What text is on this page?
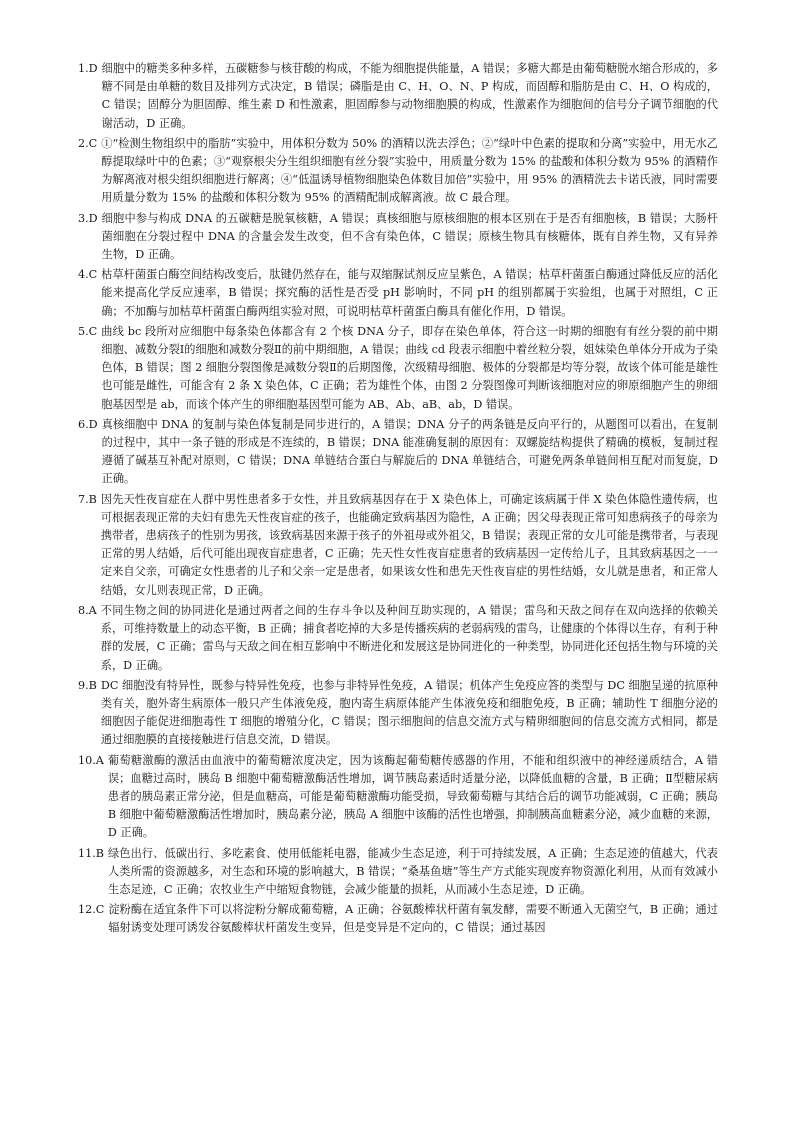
1.D 细胞中的糖类多种多样，五碳糖参与核苷酸的构成，不能为细胞提供能量，A 错误；多糖大都是由葡萄糖脱水缩合形成的，多糖不同是由单糖的数目及排列方式决定，B 错误；磷脂是由 C、H、O、N、P 构成，而固醇和脂肪是由 C、H、O 构成的，C 错误；固醇分为胆固醇、维生素 D 和性激素，胆固醇参与动物细胞膜的构成，性激素作为细胞间的信号分子调节细胞的代谢活动，D 正确。
2.C ①“检测生物组织中的脂肪”实验中，用体积分数为 50% 的酒精以洗去浮色；②“绿叶中色素的提取和分离”实验中，用无水乙醇提取绿叶中的色素；③“观察根尖分生组织细胞有丝分裂”实验中，用质量分数为 15% 的盐酸和体积分数为 95% 的酒精作为解离液对根尖组织细胞进行解离；④“低温诱导植物细胞染色体数目加倍”实验中，用 95% 的酒精洗去卡诺氏液，同时需要用质量分数为 15% 的盐酸和体积分数为 95% 的酒精配制成解离液。故 C 最合理。
3.D 细胞中参与构成 DNA 的五碳糖是脱氧核糖，A 错误；真核细胞与原核细胞的根本区别在于是否有细胞核，B 错误；大肠杆菌细胞在分裂过程中 DNA 的含量会发生改变，但不含有染色体，C 错误；原核生物具有核糖体，既有自养生物，又有异养生物，D 正确。
4.C 枯草杆菌蛋白酶空间结构改变后，肽键仍然存在，能与双缩脲试剂反应呈紫色，A 错误；枯草杆菌蛋白酶通过降低反应的活化能来提高化学反应速率，B 错误；探究酶的活性是否受 pH 影响时，不同 pH 的组别都属于实验组，也属于对照组，C 正确；不加酶与加枯草杆菌蛋白酶两组实验对照，可说明枯草杆菌蛋白酶具有催化作用，D 错误。
5.C 曲线 bc 段所对应细胞中每条染色体都含有 2 个核 DNA 分子，即存在染色单体，符合这一时期的细胞有有丝分裂的前中期细胞、减数分裂Ⅰ的细胞和减数分裂Ⅱ的前中期细胞，A 错误；曲线 cd 段表示细胞中着丝粒分裂，姐妹染色单体分开成为子染色体，B 错误；图 2 细胞分裂图像是减数分裂Ⅱ的后期图像，次级精母细胞、极体的分裂都是均等分裂，故该个体可能是雄性也可能是雌性，可能含有 2 条 X 染色体，C 正确；若为雄性个体，由图 2 分裂图像可判断该细胞对应的卵原细胞产生的卵细胞基因型是 ab，而该个体产生的卵细胞基因型可能为 AB、Ab、aB、ab，D 错误。
6.D 真核细胞中 DNA 的复制与染色体复制是同步进行的，A 错误；DNA 分子的两条链是反向平行的，从题图可以看出，在复制的过程中，其中一条子链的形成是不连续的，B 错误；DNA 能准确复制的原因有：双螺旋结构提供了精确的模板，复制过程遵循了碱基互补配对原则，C 错误；DNA 单链结合蛋白与解旋后的 DNA 单链结合，可避免两条单链间相互配对而复旋，D 正确。
7.B 因先天性夜盲症在人群中男性患者多于女性，并且致病基因存在于 X 染色体上，可确定该病属于伴 X 染色体隐性遗传病，也可根据表现正常的夫妇有患先天性夜盲症的孩子，也能确定致病基因为隐性，A 正确；因父母表现正常可知患病孩子的母亲为携带者，患病孩子的性别为男孩，该致病基因来源于孩子的外祖母或外祖父，B 错误；表现正常的女儿可能是携带者，与表现正常的男人结婚，后代可能出现夜盲症患者，C 正确；先天性女性夜盲症患者的致病基因一定传给儿子，且其致病基因之一一定来自父亲，可确定女性患者的儿子和父亲一定是患者，如果该女性和患先天性夜盲症的男性结婚，女儿就是患者，和正常人结婚，女儿则表现正常，D 正确。
8.A 不同生物之间的协同进化是通过两者之间的生存斗争以及种间互助实现的，A 错误；雷鸟和天敌之间存在双向选择的依赖关系，可维持数量上的动态平衡，B 正确；捕食者吃掉的大多是传播疾病的老弱病残的雷鸟，让健康的个体得以生存，有利于种群的发展，C 正确；雷鸟与天敌之间在相互影响中不断进化和发展这是协同进化的一种类型，协同进化还包括生物与环境的关系，D 正确。
9.B DC 细胞没有特异性，既参与特异性免疫，也参与非特异性免疫，A 错误；机体产生免疫应答的类型与 DC 细胞呈递的抗原种类有关，胞外寄生病原体一般只产生体液免疫，胞内寄生病原体能产生体液免疫和细胞免疫，B 正确；辅助性 T 细胞分泌的细胞因子能促进细胞毒性 T 细胞的增殖分化，C 错误；图示细胞间的信息交流方式与精卵细胞间的信息交流方式相同，都是通过细胞膜的直接接触进行信息交流，D 错误。
10.A 葡萄糖激酶的激活由血液中的葡萄糖浓度决定，因为该酶起葡萄糖传感器的作用，不能和组织液中的神经递质结合，A 错误；血糖过高时，胰岛 B 细胞中葡萄糖激酶活性增加，调节胰岛素适时适量分泌，以降低血糖的含量，B 正确；Ⅱ型糖尿病患者的胰岛素正常分泌，但是血糖高，可能是葡萄糖激酶功能受损，导致葡萄糖与其结合后的调节功能减弱，C 正确；胰岛 B 细胞中葡萄糖激酶活性增加时，胰岛素分泌，胰岛 A 细胞中该酶的活性也增强，抑制胰高血糖素分泌，减少血糖的来源，D 正确。
11.B 绿色出行、低碳出行、多吃素食、使用低能耗电器，能减少生态足迹，利于可持续发展，A 正确；生态足迹的值越大，代表人类所需的资源越多，对生态和环境的影响越大，B 错误；“桑基鱼塘”等生产方式能实现废弃物资源化利用，从而有效减小生态足迹，C 正确；农牧业生产中缩短食物链，会减少能量的损耗，从而减小生态足迹，D 正确。
12.C 淀粉酶在适宜条件下可以将淀粉分解成葡萄糖，A 正确；谷氨酸棒状杆菌有氧发酵，需要不断通入无菌空气，B 正确；通过辐射诱变处理可诱发谷氨酸棒状杆菌发生变异，但是变异是不定向的，C 错误；通过基因
